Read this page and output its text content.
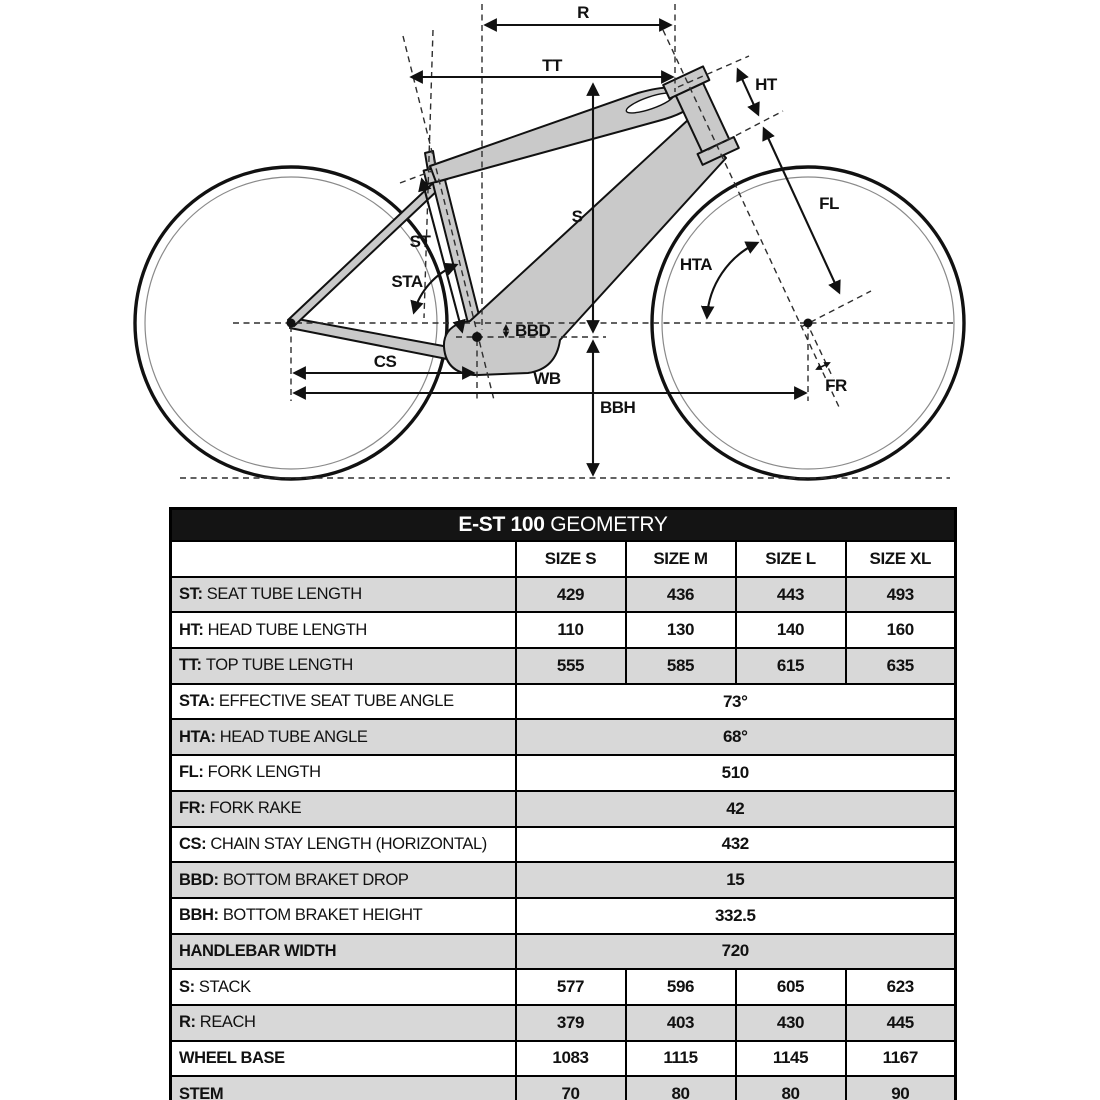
R
TT
HT
FL
ST
STA
S
HTA
BBD
CS
WB
BBH
FR
E-ST 100 GEOMETRY				
	SIZE S	SIZE M	SIZE L	SIZE XL
ST: SEAT TUBE LENGTH	429	436	443	493
HT: HEAD TUBE LENGTH	110	130	140	160
TT: TOP TUBE LENGTH	555	585	615	635
STA: EFFECTIVE SEAT TUBE ANGLE	73°			
HTA: HEAD TUBE ANGLE	68°			
FL: FORK LENGTH	510			
FR: FORK RAKE	42			
CS: CHAIN STAY LENGTH (HORIZONTAL)	432			
BBD: BOTTOM BRAKET DROP	15			
BBH: BOTTOM BRAKET HEIGHT	332.5			
HANDLEBAR WIDTH	720			
S: STACK	577	596	605	623
R: REACH	379	403	430	445
WHEEL BASE	1083	1115	1145	1167
STEM	70	80	80	90
